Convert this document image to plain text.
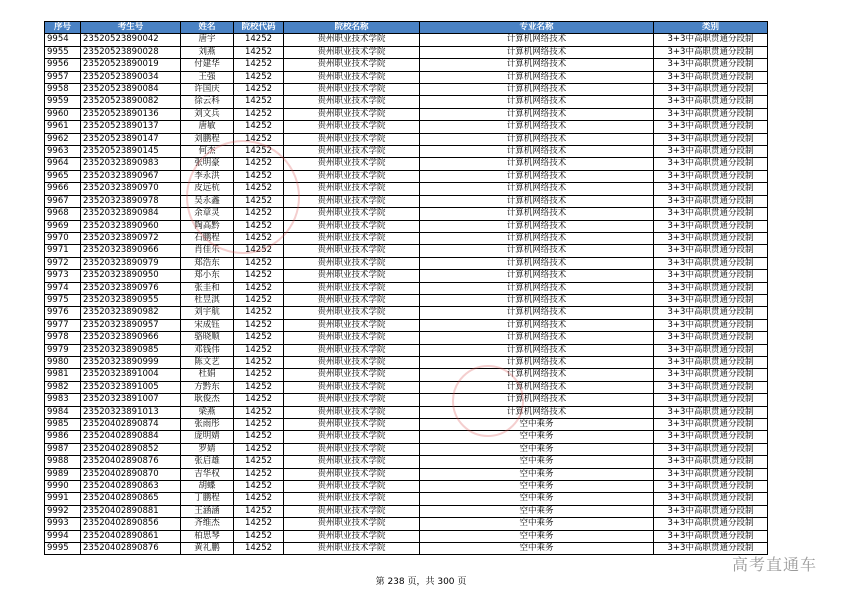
序号	考生号	姓名	院校代码	院校名称	专业名称	类别
9954	23520523890042	唐宇	14252	贵州职业技术学院	计算机网络技术	3+3中高职贯通分段制
9955	23520523890028	刘燕	14252	贵州职业技术学院	计算机网络技术	3+3中高职贯通分段制
9956	23520523890019	付建华	14252	贵州职业技术学院	计算机网络技术	3+3中高职贯通分段制
9957	23520523890034	王强	14252	贵州职业技术学院	计算机网络技术	3+3中高职贯通分段制
9958	23520523890084	许国庆	14252	贵州职业技术学院	计算机网络技术	3+3中高职贯通分段制
9959	23520523890082	徐云科	14252	贵州职业技术学院	计算机网络技术	3+3中高职贯通分段制
9960	23520523890136	刘文兵	14252	贵州职业技术学院	计算机网络技术	3+3中高职贯通分段制
9961	23520523890137	唐敏	14252	贵州职业技术学院	计算机网络技术	3+3中高职贯通分段制
9962	23520523890147	刘鹏程	14252	贵州职业技术学院	计算机网络技术	3+3中高职贯通分段制
9963	23520523890145	何杰	14252	贵州职业技术学院	计算机网络技术	3+3中高职贯通分段制
9964	23520323890983	张明豪	14252	贵州职业技术学院	计算机网络技术	3+3中高职贯通分段制
9965	23520323890967	李永洪	14252	贵州职业技术学院	计算机网络技术	3+3中高职贯通分段制
9966	23520323890970	皮远杭	14252	贵州职业技术学院	计算机网络技术	3+3中高职贯通分段制
9967	23520323890978	吴永鑫	14252	贵州职业技术学院	计算机网络技术	3+3中高职贯通分段制
9968	23520323890984	余章灵	14252	贵州职业技术学院	计算机网络技术	3+3中高职贯通分段制
9969	23520323890960	陶高黔	14252	贵州职业技术学院	计算机网络技术	3+3中高职贯通分段制
9970	23520323890972	石鹏程	14252	贵州职业技术学院	计算机网络技术	3+3中高职贯通分段制
9971	23520323890966	肖佳乐	14252	贵州职业技术学院	计算机网络技术	3+3中高职贯通分段制
9972	23520323890979	郑浩东	14252	贵州职业技术学院	计算机网络技术	3+3中高职贯通分段制
9973	23520323890950	郑小东	14252	贵州职业技术学院	计算机网络技术	3+3中高职贯通分段制
9974	23520323890976	张圭和	14252	贵州职业技术学院	计算机网络技术	3+3中高职贯通分段制
9975	23520323890955	杜昱淇	14252	贵州职业技术学院	计算机网络技术	3+3中高职贯通分段制
9976	23520323890982	刘宇航	14252	贵州职业技术学院	计算机网络技术	3+3中高职贯通分段制
9977	23520323890957	宋成钰	14252	贵州职业技术学院	计算机网络技术	3+3中高职贯通分段制
9978	23520323890966	骆晓顺	14252	贵州职业技术学院	计算机网络技术	3+3中高职贯通分段制
9979	23520323890985	邓钱伟	14252	贵州职业技术学院	计算机网络技术	3+3中高职贯通分段制
9980	23520323890999	陈文艺	14252	贵州职业技术学院	计算机网络技术	3+3中高职贯通分段制
9981	23520323891004	杜娟	14252	贵州职业技术学院	计算机网络技术	3+3中高职贯通分段制
9982	23520323891005	方黔东	14252	贵州职业技术学院	计算机网络技术	3+3中高职贯通分段制
9983	23520323891007	耿俊杰	14252	贵州职业技术学院	计算机网络技术	3+3中高职贯通分段制
9984	23520323891013	梁燕	14252	贵州职业技术学院	计算机网络技术	3+3中高职贯通分段制
9985	23520402890874	张雨彤	14252	贵州职业技术学院	空中乘务	3+3中高职贯通分段制
9986	23520402890884	庞明婧	14252	贵州职业技术学院	空中乘务	3+3中高职贯通分段制
9987	23520402890852	罗婧	14252	贵州职业技术学院	空中乘务	3+3中高职贯通分段制
9988	23520402890876	张启雄	14252	贵州职业技术学院	空中乘务	3+3中高职贯通分段制
9989	23520402890870	吉华权	14252	贵州职业技术学院	空中乘务	3+3中高职贯通分段制
9990	23520402890863	胡蝶	14252	贵州职业技术学院	空中乘务	3+3中高职贯通分段制
9991	23520402890865	丁鹏程	14252	贵州职业技术学院	空中乘务	3+3中高职贯通分段制
9992	23520402890881	王涵涵	14252	贵州职业技术学院	空中乘务	3+3中高职贯通分段制
9993	23520402890856	齐维杰	14252	贵州职业技术学院	空中乘务	3+3中高职贯通分段制
9994	23520402890861	柏思琴	14252	贵州职业技术学院	空中乘务	3+3中高职贯通分段制
9995	23520402890876	黄礼鹏	14252	贵州职业技术学院	空中乘务	3+3中高职贯通分段制
第 238 页，共 300 页
高考直通车
